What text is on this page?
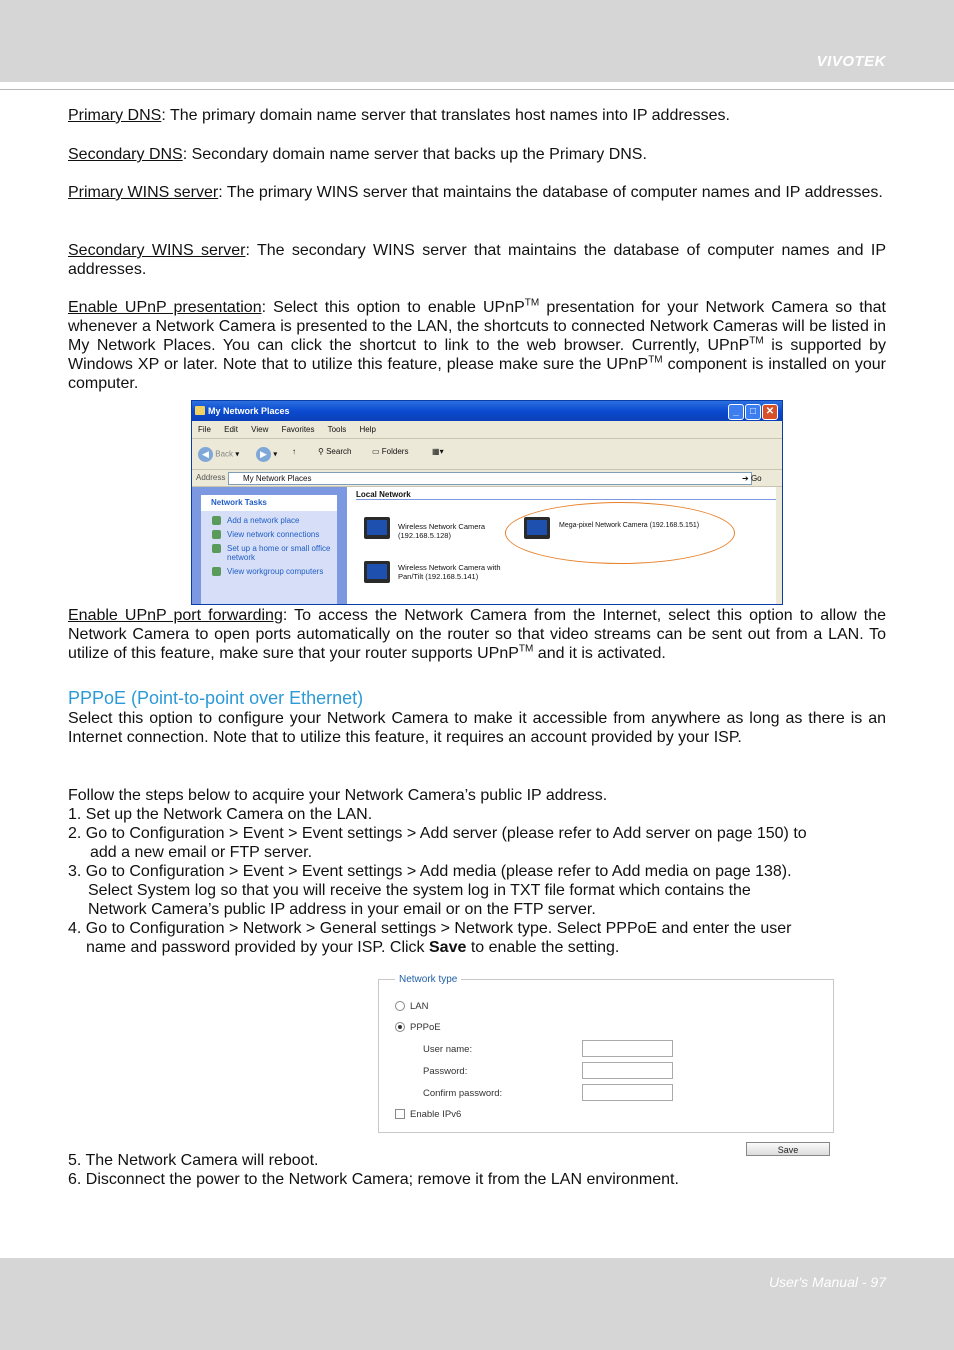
VIVOTEK

Primary DNS: The primary domain name server that translates host names into IP addresses.

Secondary DNS: Secondary domain name server that backs up the Primary DNS.

Primary WINS server: The primary WINS server that maintains the database of computer names and IP addresses.

Secondary WINS server: The secondary WINS server that maintains the database of computer names and IP addresses.

Enable UPnP presentation: Select this option to enable UPnP™ presentation for your Network Camera so that whenever a Network Camera is presented to the LAN, the shortcuts to connected Network Cameras will be listed in My Network Places. You can click the shortcut to link to the web browser. Currently, UPnP™ is supported by Windows XP or later. Note that to utilize this feature, please make sure the UPnP™ component is installed on your computer.

My Network Places	_	□ ✕
File Edit View Favorites Tools Help
◀ Back ▾	▶ ▾ ↑	⚲ Search	▭ Folders	▦▾
Address	My Network Places	➔ Go
Network Tasks
Add a network place
View network connections
Set up a home or small office network
View workgroup computers
Local Network
Wireless Network Camera (192.168.5.128)
Wireless Network Camera with Pan/Tilt (192.168.5.141)
Mega-pixel Network Camera (192.168.5.151)

Enable UPnP port forwarding: To access the Network Camera from the Internet, select this option to allow the Network Camera to open ports automatically on the router so that video streams can be sent out from a LAN. To utilize of this feature, make sure that your router supports UPnP™ and it is activated.

PPPoE (Point-to-point over Ethernet)

Select this option to configure your Network Camera to make it accessible from anywhere as long as there is an Internet connection. Note that to utilize this feature, it requires an account provided by your ISP.

Follow the steps below to acquire your Network Camera’s public IP address.
1. Set up the Network Camera on the LAN.
2. Go to Configuration > Event > Event settings > Add server (please refer to Add server on page 150) to
add a new email or FTP server.
3. Go to Configuration > Event > Event settings > Add media (please refer to Add media on page 138).
Select System log so that you will receive the system log in TXT file format which contains the
Network Camera’s public IP address in your email or on the FTP server.
4. Go to Configuration > Network > General settings > Network type. Select PPPoE and enter the user
name and password provided by your ISP. Click Save to enable the setting.
Network type
LAN
PPPoE
User name:
Password:
Confirm password:
Enable IPv6
Save
5. The Network Camera will reboot.
6. Disconnect the power to the Network Camera; remove it from the LAN environment.
User's Manual - 97
